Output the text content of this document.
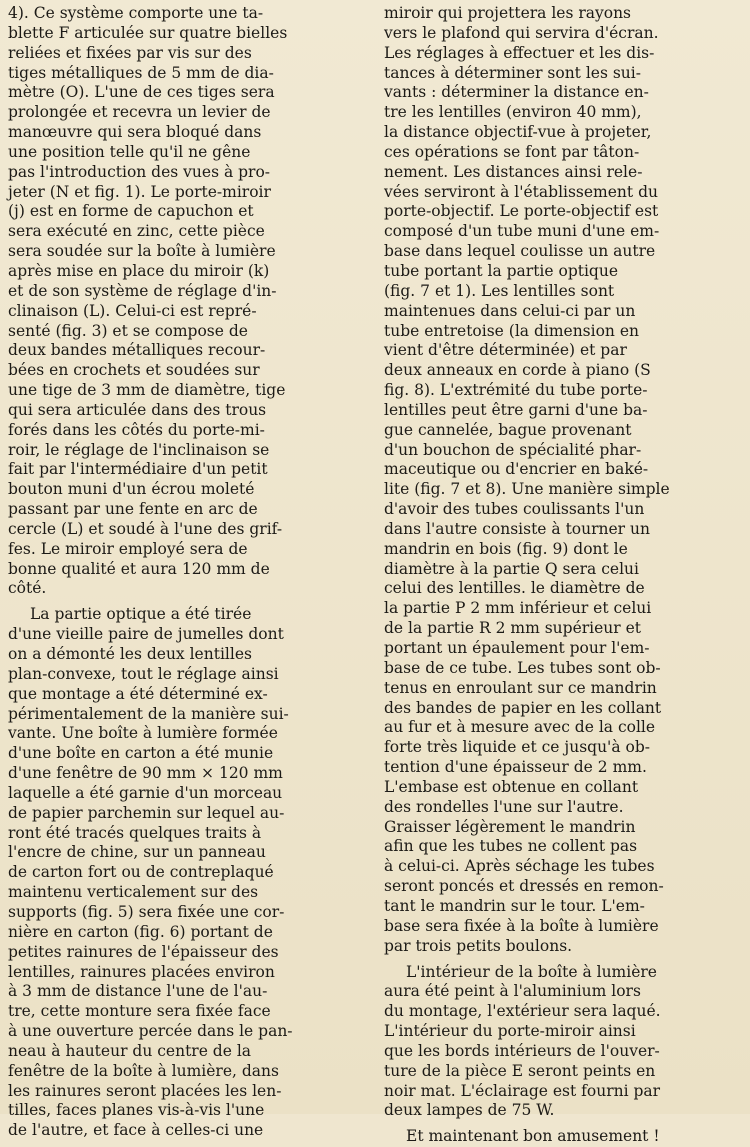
4). Ce système comporte une ta-
blette F articulée sur quatre bielles
reliées et fixées par vis sur des
tiges métalliques de 5 mm de dia-
mètre (O). L'une de ces tiges sera
prolongée et recevra un levier de
manœuvre qui sera bloqué dans
une position telle qu'il ne gêne
pas l'introduction des vues à pro-
jeter (N et fig. 1). Le porte-miroir
(j) est en forme de capuchon et
sera exécuté en zinc, cette pièce
sera soudée sur la boîte à lumière
après mise en place du miroir (k)
et de son système de réglage d'in-
clinaison (L). Celui-ci est repré-
senté (fig. 3) et se compose de
deux bandes métalliques recour-
bées en crochets et soudées sur
une tige de 3 mm de diamètre, tige
qui sera articulée dans des trous
forés dans les côtés du porte-mi-
roir, le réglage de l'inclinaison se
fait par l'intermédiaire d'un petit
bouton muni d'un écrou moleté
passant par une fente en arc de
cercle (L) et soudé à l'une des grif-
fes. Le miroir employé sera de
bonne qualité et aura 120 mm de
côté.
La partie optique a été tirée
d'une vieille paire de jumelles dont
on a démonté les deux lentilles
plan-convexe, tout le réglage ainsi
que montage a été déterminé ex-
périmentalement de la manière sui-
vante. Une boîte à lumière formée
d'une boîte en carton a été munie
d'une fenêtre de 90 mm × 120 mm
laquelle a été garnie d'un morceau
de papier parchemin sur lequel au-
ront été tracés quelques traits à
l'encre de chine, sur un panneau
de carton fort ou de contreplaqué
maintenu verticalement sur des
supports (fig. 5) sera fixée une cor-
nière en carton (fig. 6) portant de
petites rainures de l'épaisseur des
lentilles, rainures placées environ
à 3 mm de distance l'une de l'au-
tre, cette monture sera fixée face
à une ouverture percée dans le pan-
neau à hauteur du centre de la
fenêtre de la boîte à lumière, dans
les rainures seront placées les len-
tilles, faces planes vis-à-vis l'une
de l'autre, et face à celles-ci une
miroir qui projettera les rayons
vers le plafond qui servira d'écran.
Les réglages à effectuer et les dis-
tances à déterminer sont les sui-
vants : déterminer la distance en-
tre les lentilles (environ 40 mm),
la distance objectif-vue à projeter,
ces opérations se font par tâton-
nement. Les distances ainsi rele-
vées serviront à l'établissement du
porte-objectif. Le porte-objectif est
composé d'un tube muni d'une em-
base dans lequel coulisse un autre
tube portant la partie optique
(fig. 7 et 1). Les lentilles sont
maintenues dans celui-ci par un
tube entretoise (la dimension en
vient d'être déterminée) et par
deux anneaux en corde à piano (S
fig. 8). L'extrémité du tube porte-
lentilles peut être garni d'une ba-
gue cannelée, bague provenant
d'un bouchon de spécialité phar-
maceutique ou d'encrier en baké-
lite (fig. 7 et 8). Une manière simple
d'avoir des tubes coulissants l'un
dans l'autre consiste à tourner un
mandrin en bois (fig. 9) dont le
diamètre à la partie Q sera celui
celui des lentilles. le diamètre de
la partie P 2 mm inférieur et celui
de la partie R 2 mm supérieur et
portant un épaulement pour l'em-
base de ce tube. Les tubes sont ob-
tenus en enroulant sur ce mandrin
des bandes de papier en les collant
au fur et à mesure avec de la colle
forte très liquide et ce jusqu'à ob-
tention d'une épaisseur de 2 mm.
L'embase est obtenue en collant
des rondelles l'une sur l'autre.
Graisser légèrement le mandrin
afin que les tubes ne collent pas
à celui-ci. Après séchage les tubes
seront poncés et dressés en remon-
tant le mandrin sur le tour. L'em-
base sera fixée à la boîte à lumière
par trois petits boulons.
L'intérieur de la boîte à lumière
aura été peint à l'aluminium lors
du montage, l'extérieur sera laqué.
L'intérieur du porte-miroir ainsi
que les bords intérieurs de l'ouver-
ture de la pièce E seront peints en
noir mat. L'éclairage est fourni par
deux lampes de 75 W.
Et maintenant bon amusement !
